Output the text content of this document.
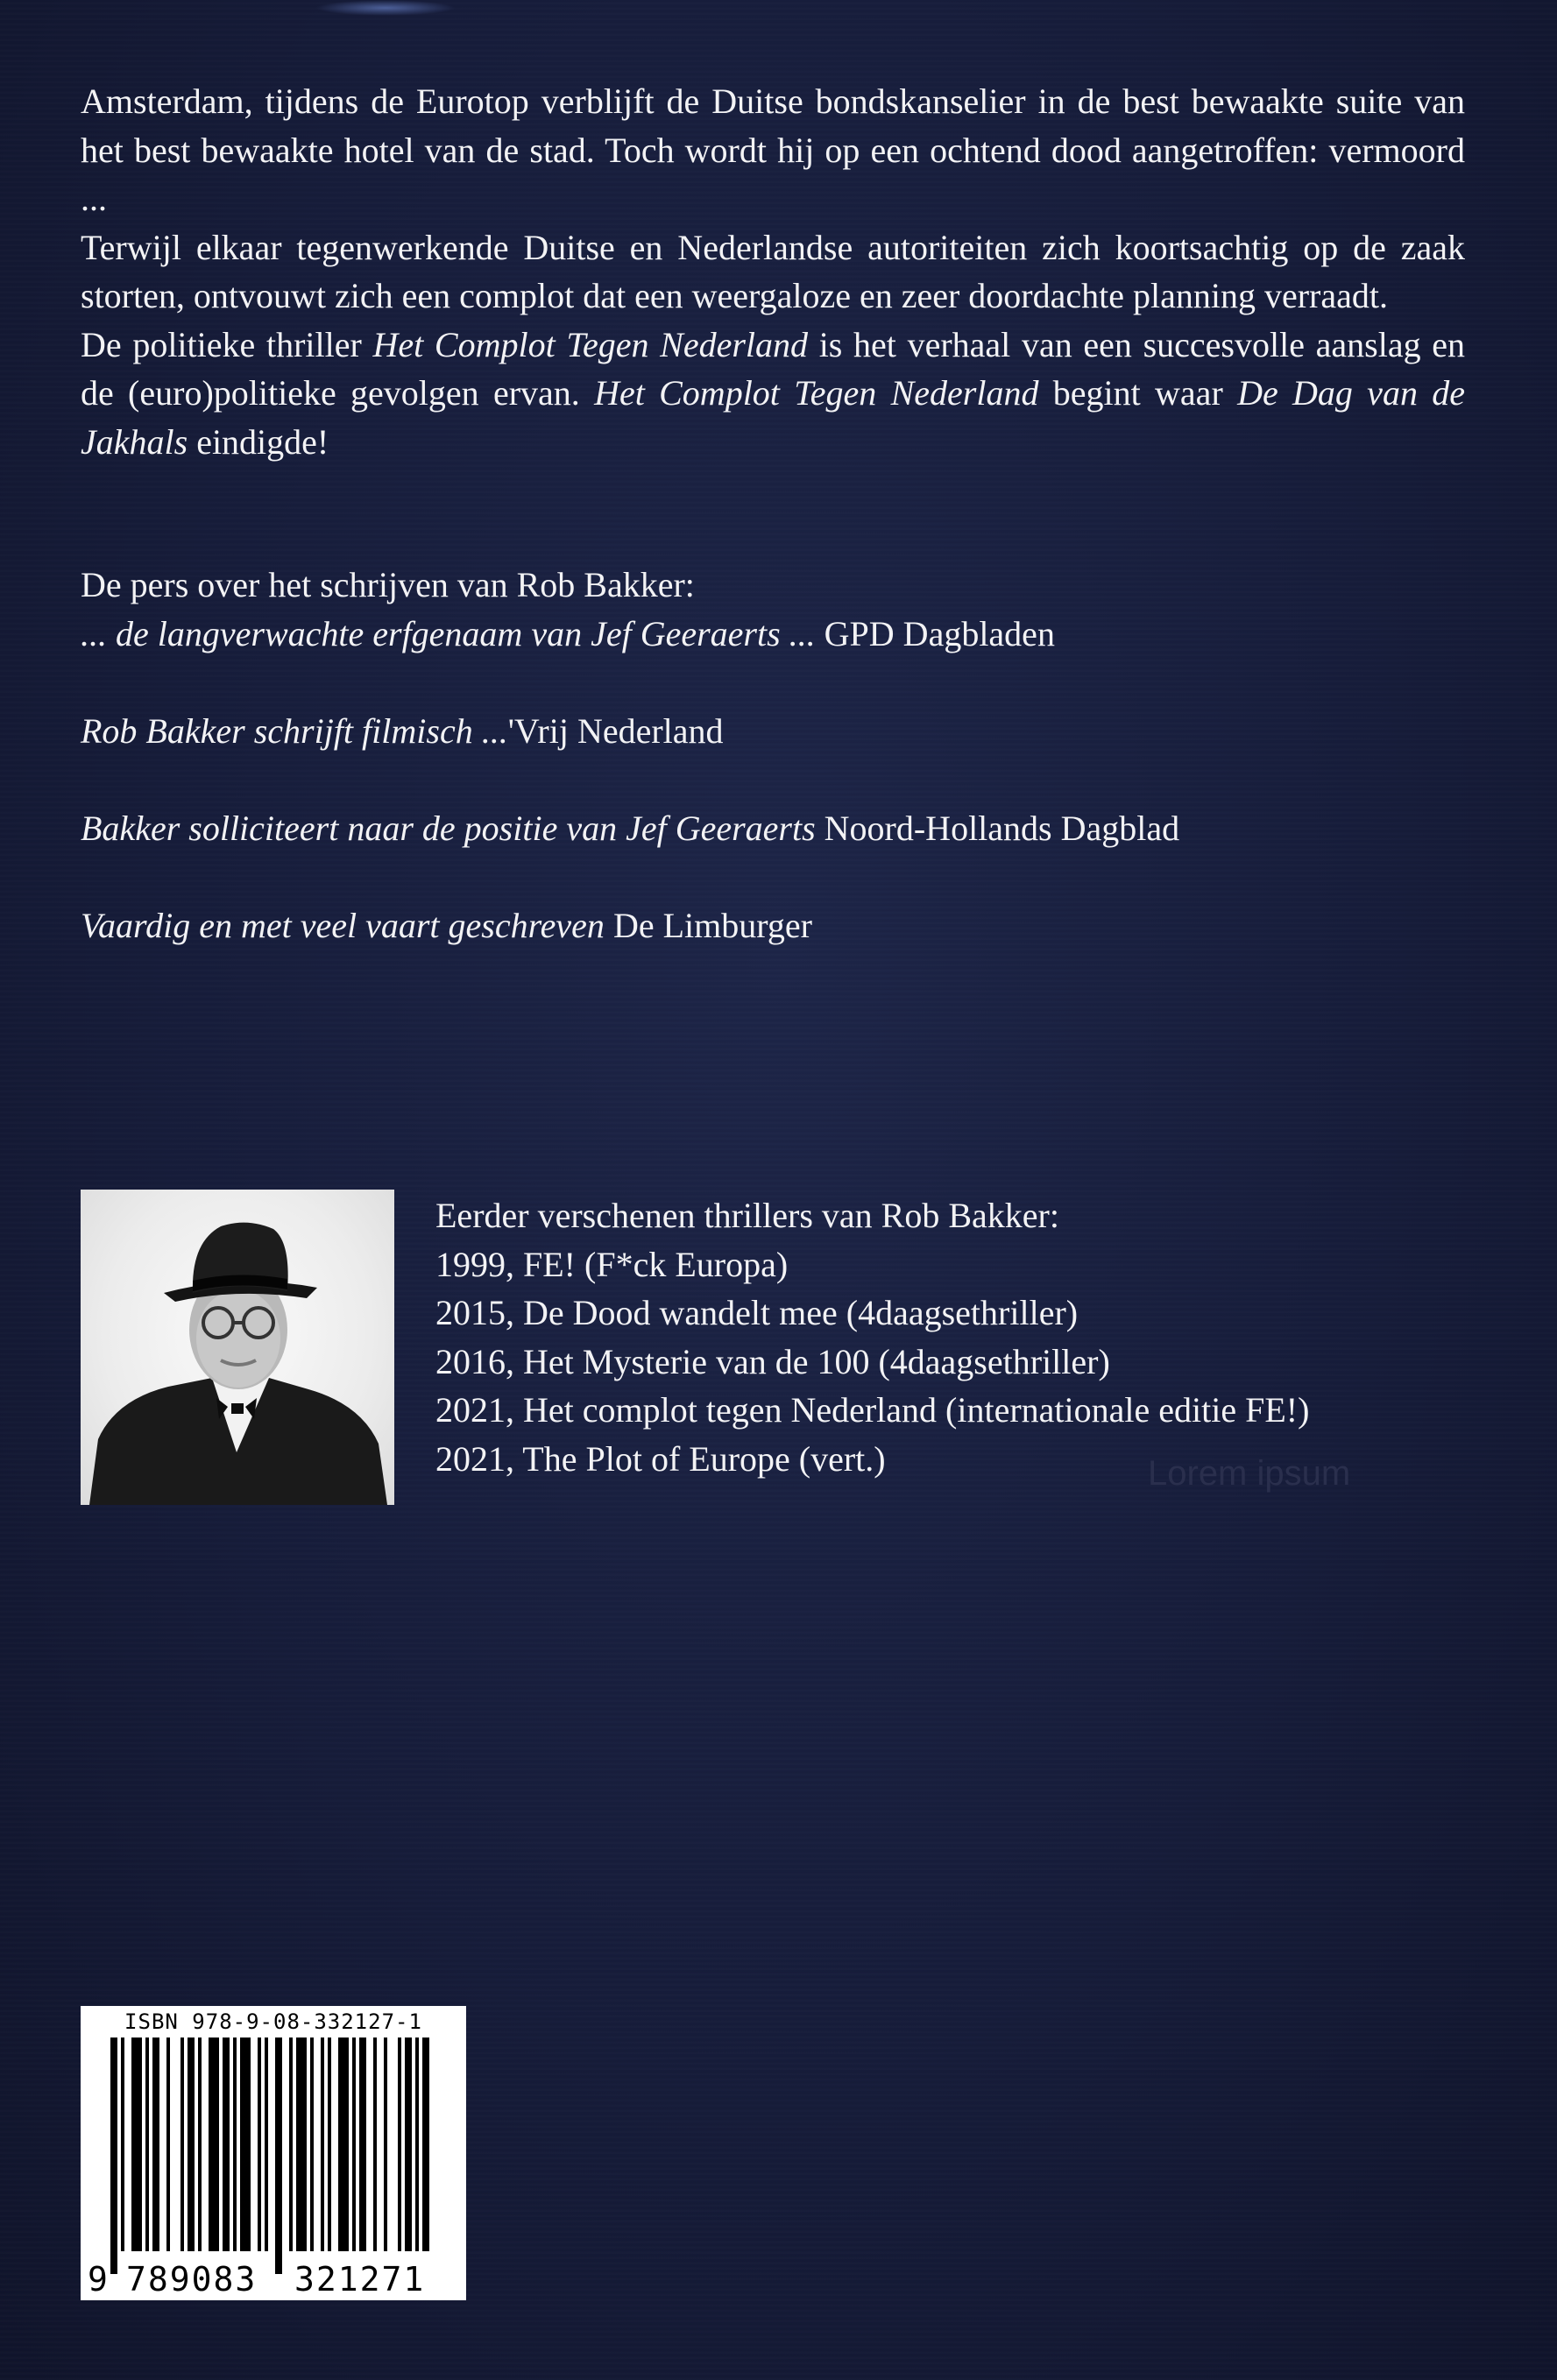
Amsterdam, tijdens de Eurotop verblijft de Duitse bondskanselier in de best bewaakte suite van het best bewaakte hotel van de stad. Toch wordt hij op een ochtend dood aangetroffen: vermoord ...

Terwijl elkaar tegenwerkende Duitse en Nederlandse autoriteiten zich koortsachtig op de zaak storten, ontvouwt zich een complot dat een weergaloze en zeer doordachte planning verraadt.

De politieke thriller Het Complot Tegen Nederland is het verhaal van een succesvolle aanslag en de (euro)politieke gevolgen ervan. Het Complot Tegen Nederland begint waar De Dag van de Jakhals eindigde!

De pers over het schrijven van Rob Bakker:

... de langverwachte erfgenaam van Jef Geeraerts ... GPD Dagbladen

Rob Bakker schrijft filmisch ...'Vrij Nederland

Bakker solliciteert naar de positie van Jef Geeraerts Noord-Hollands Dagblad

Vaardig en met veel vaart geschreven De Limburger

Eerder verschenen thrillers van Rob Bakker:
1999, FE! (F*ck Europa)
2015, De Dood wandelt mee (4daagsethriller)
2016, Het Mysterie van de 100 (4daagsethriller)
2021, Het complot tegen Nederland (internationale editie FE!)
2021, The Plot of Europe (vert.)	Lorem ipsum
ISBN 978-9-08-332127-1
9 789083 321271
